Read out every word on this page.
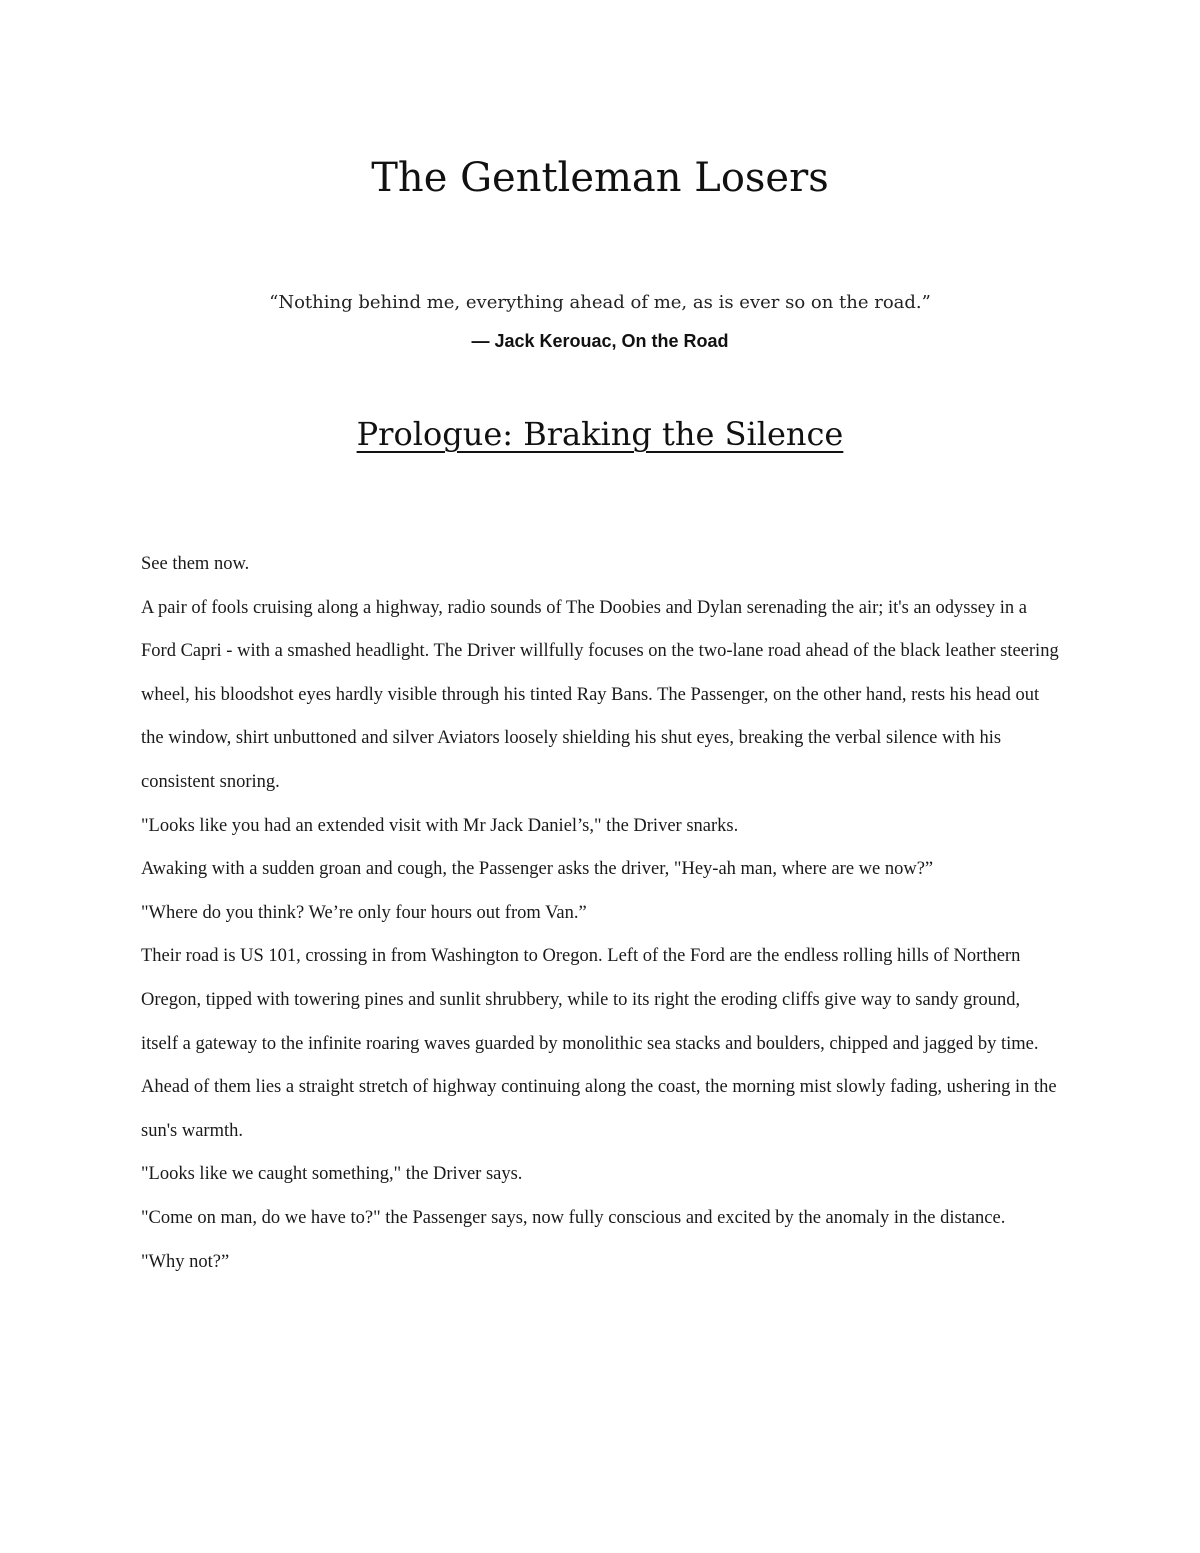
The Gentleman Losers
“Nothing behind me, everything ahead of me, as is ever so on the road.”
― Jack Kerouac, On the Road
Prologue: Braking the Silence

See them now.

A pair of fools cruising along a highway, radio sounds of The Doobies and Dylan serenading the air; it's an odyssey in a Ford Capri - with a smashed headlight. The Driver willfully focuses on the two-lane road ahead of the black leather steering wheel, his bloodshot eyes hardly visible through his tinted Ray Bans. The Passenger, on the other hand, rests his head out the window, shirt unbuttoned and silver Aviators loosely shielding his shut eyes, breaking the verbal silence with his consistent snoring.

"Looks like you had an extended visit with Mr Jack Daniel’s," the Driver snarks.

Awaking with a sudden groan and cough, the Passenger asks the driver, "Hey-ah man, where are we now?”

"Where do you think? We’re only four hours out from Van.”

Their road is US 101, crossing in from Washington to Oregon. Left of the Ford are the endless rolling hills of Northern Oregon, tipped with towering pines and sunlit shrubbery, while to its right the eroding cliffs give way to sandy ground, itself a gateway to the infinite roaring waves guarded by monolithic sea stacks and boulders, chipped and jagged by time.

Ahead of them lies a straight stretch of highway continuing along the coast, the morning mist slowly fading, ushering in the sun's warmth.

"Looks like we caught something," the Driver says.

"Come on man, do we have to?" the Passenger says, now fully conscious and excited by the anomaly in the distance.

"Why not?”
